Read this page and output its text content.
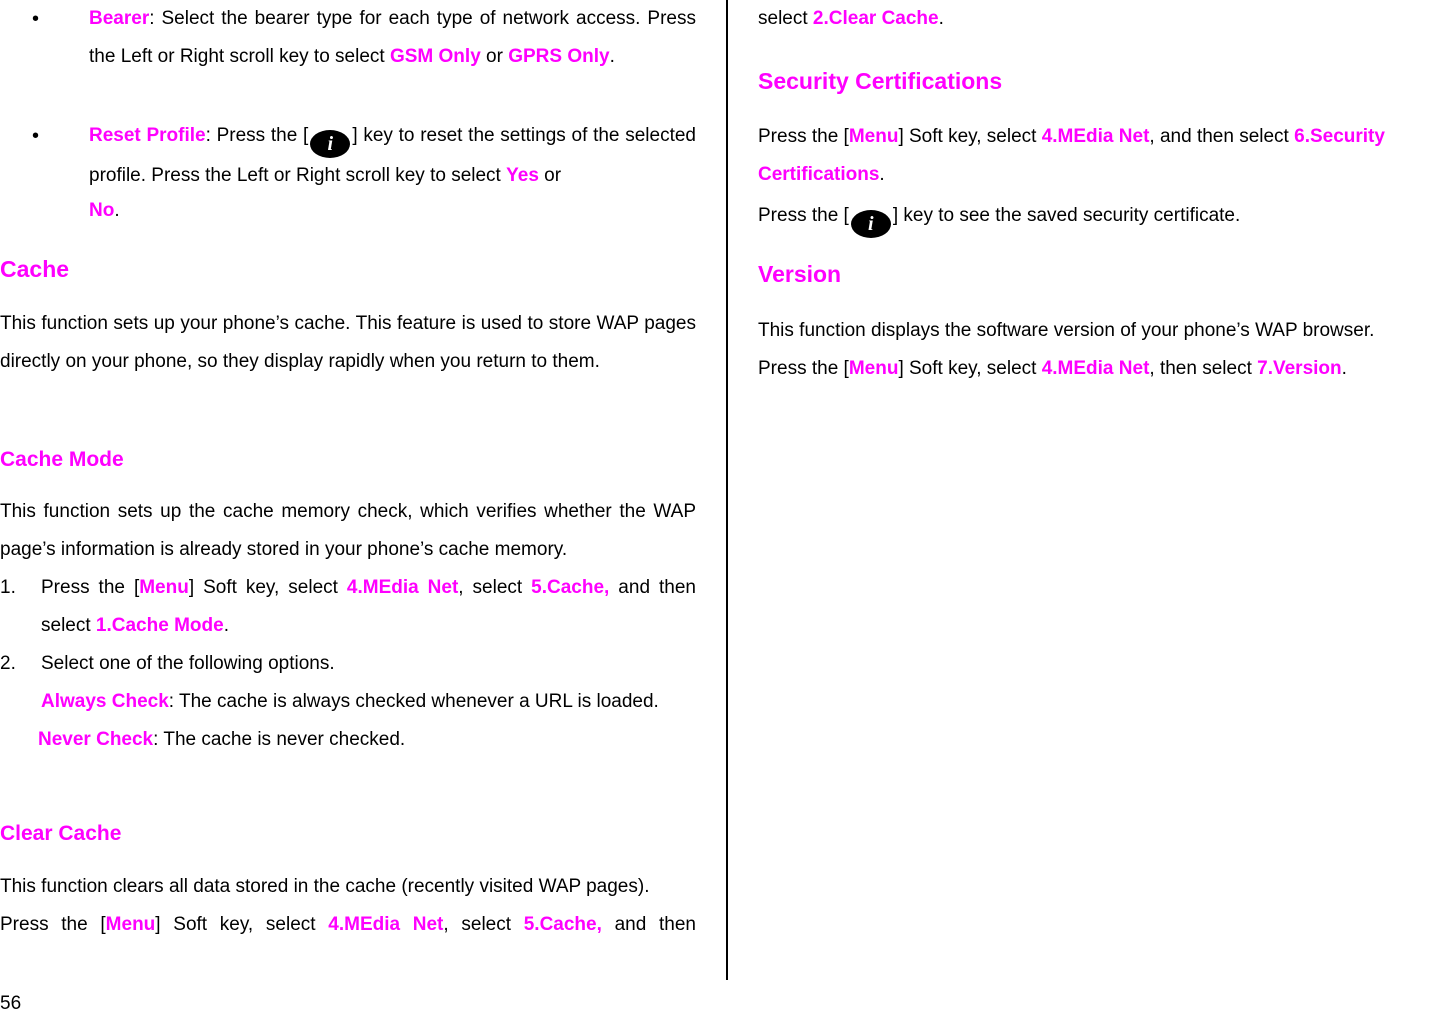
•	Bearer: Select the bearer type for each type of network access. Press the Left or Right scroll key to select GSM Only or GPRS Only.

•	Reset Profile: Press the [ i ] key to reset the settings of the selected profile. Press the Left or Right scroll key to select Yes or

No.

Cache

This function sets up your phone’s cache. This feature is used to store WAP pages directly on your phone, so they display rapidly when you return to them.

Cache Mode

This function sets up the cache memory check, which verifies whether the WAP page’s information is already stored in your phone’s cache memory.

1. Press the [Menu] Soft key, select 4.MEdia Net, select 5.Cache, and then select 1.Cache Mode.

2. Select one of the following options.

Always Check: The cache is always checked whenever a URL is loaded.

Never Check: The cache is never checked.

Clear Cache

This function clears all data stored in the cache (recently visited WAP pages).

Press the [Menu] Soft key, select 4.MEdia Net, select 5.Cache, and then

select 2.Clear Cache.

Security Certifications

Press the [Menu] Soft key, select 4.MEdia Net, and then select 6.Security Certifications.

Press the [ i ] key to see the saved security certificate.

Version

This function displays the software version of your phone’s WAP browser.

Press the [Menu] Soft key, select 4.MEdia Net, then select 7.Version.

56
